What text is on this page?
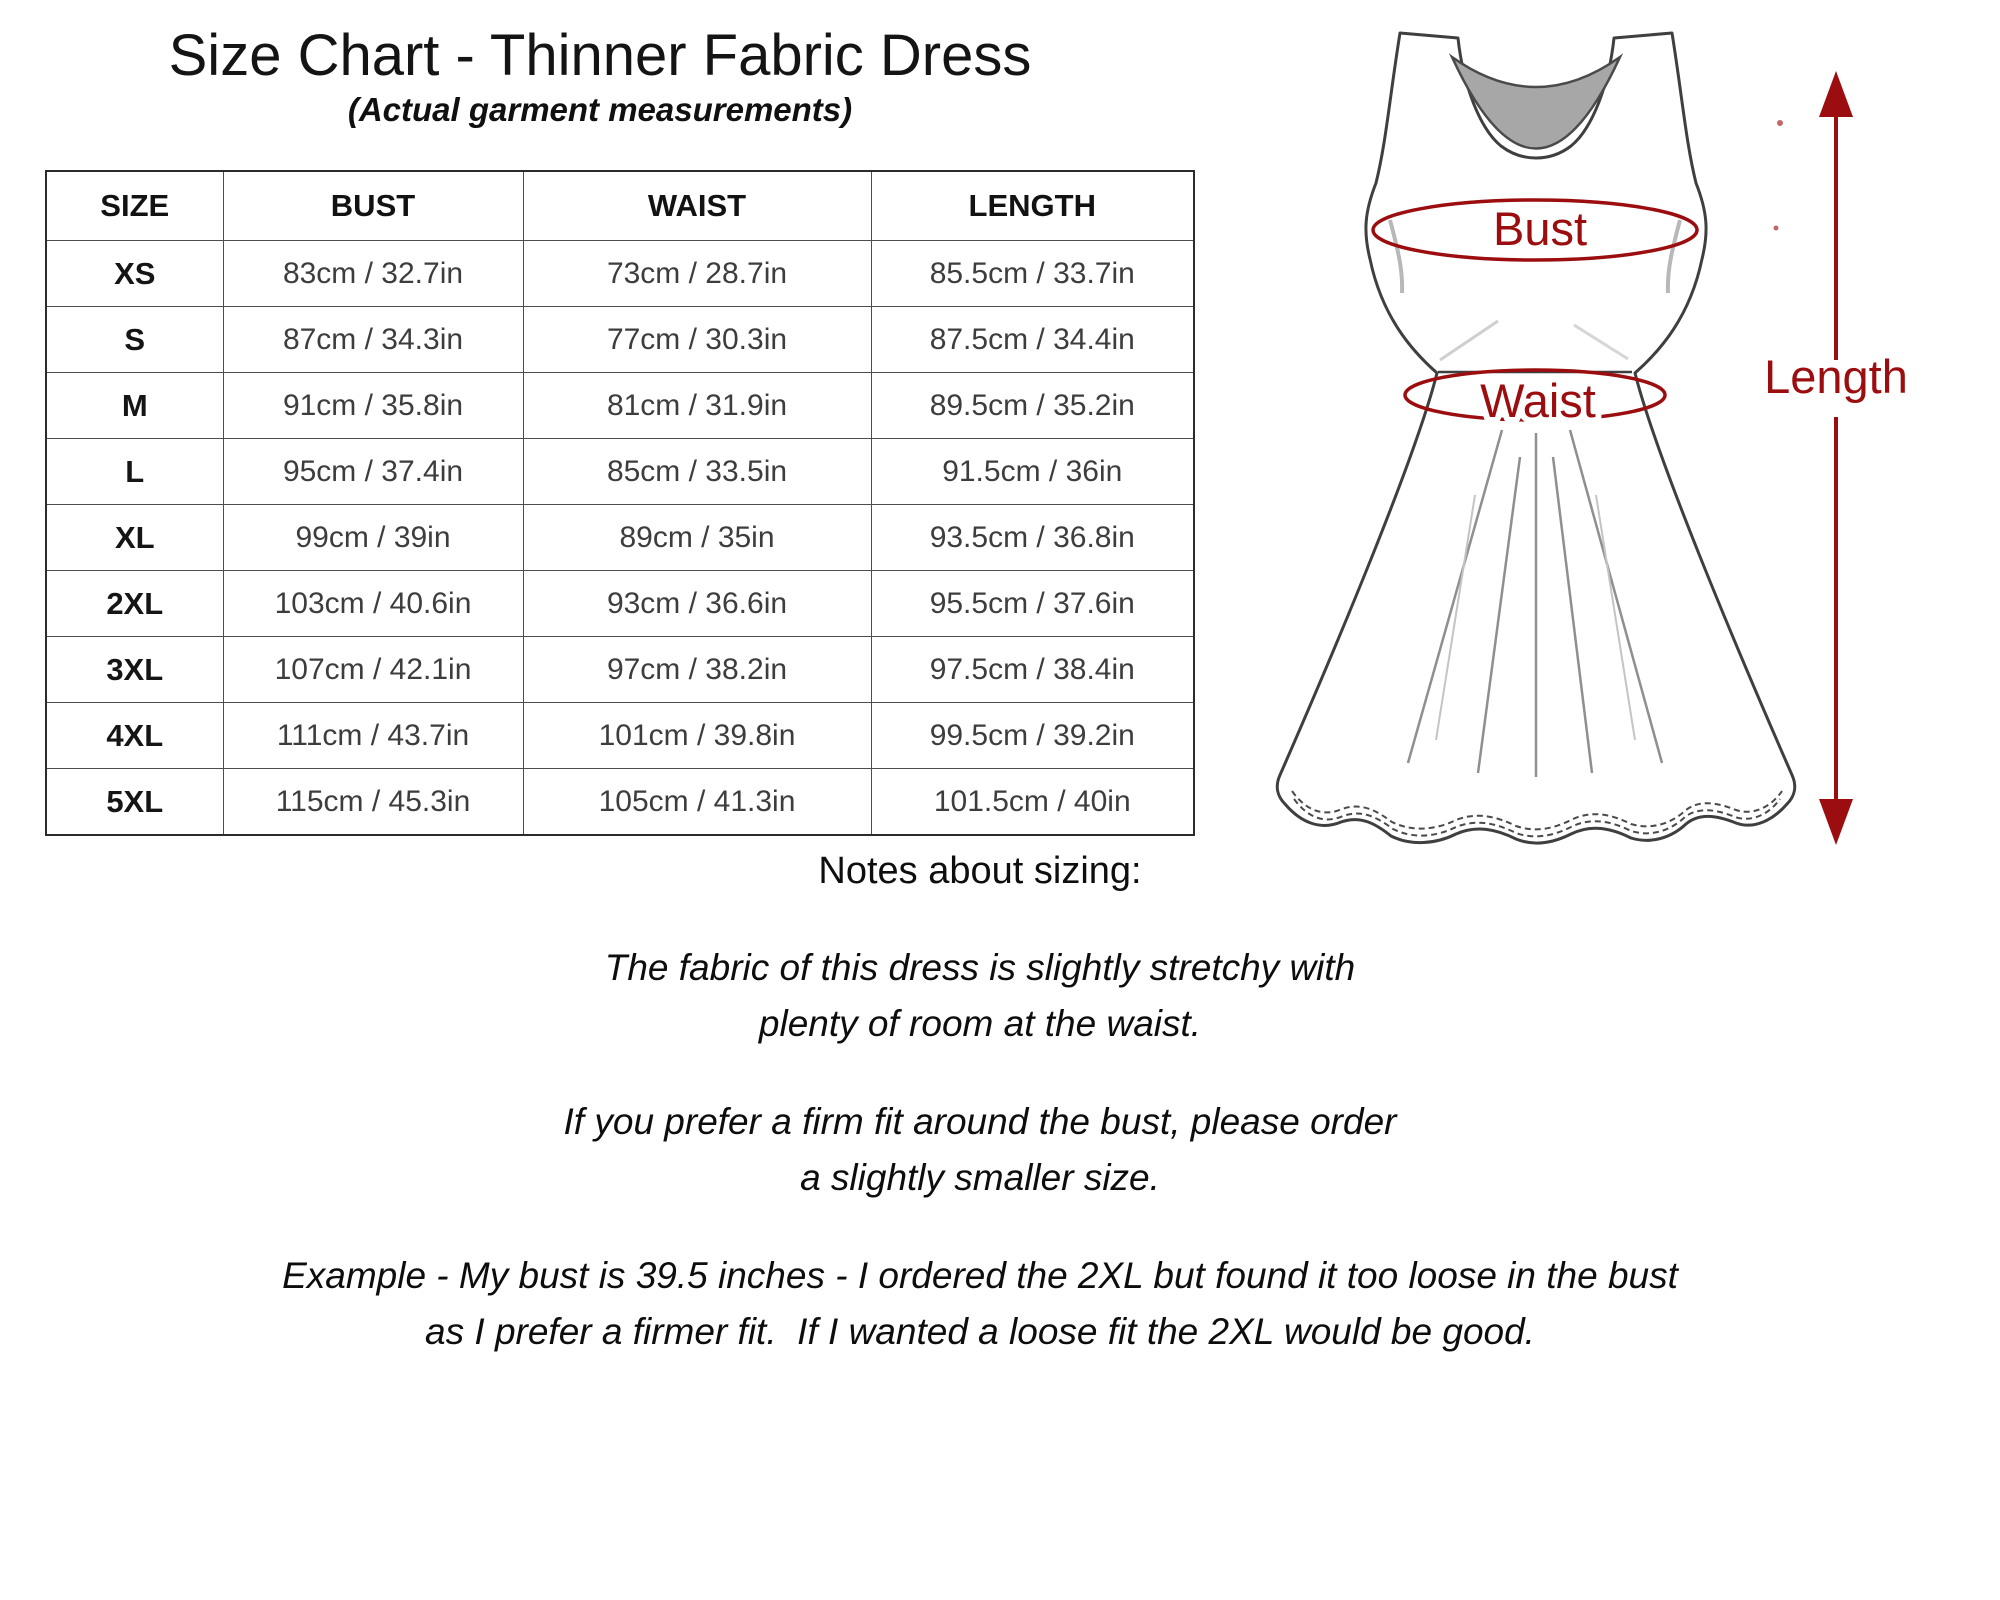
Size Chart - Thinner Fabric Dress
(Actual garment measurements)
SIZE	BUST	WAIST	LENGTH
XS	83cm / 32.7in	73cm / 28.7in	85.5cm / 33.7in
S	87cm / 34.3in	77cm / 30.3in	87.5cm / 34.4in
M	91cm / 35.8in	81cm / 31.9in	89.5cm / 35.2in
L	95cm / 37.4in	85cm / 33.5in	91.5cm / 36in
XL	99cm / 39in	89cm / 35in	93.5cm / 36.8in
2XL	103cm / 40.6in	93cm / 36.6in	95.5cm / 37.6in
3XL	107cm / 42.1in	97cm / 38.2in	97.5cm / 38.4in
4XL	111cm / 43.7in	101cm / 39.8in	99.5cm / 39.2in
5XL	115cm / 45.3in	105cm / 41.3in	101.5cm / 40in
Bust
Waist	Length
Notes about sizing:
The fabric of this dress is slightly stretchy with
plenty of room at the waist.
If you prefer a firm fit around the bust, please order
a slightly smaller size.
Example - My bust is 39.5 inches - I ordered the 2XL but found it too loose in the bust
as I prefer a firmer fit.  If I wanted a loose fit the 2XL would be good.
